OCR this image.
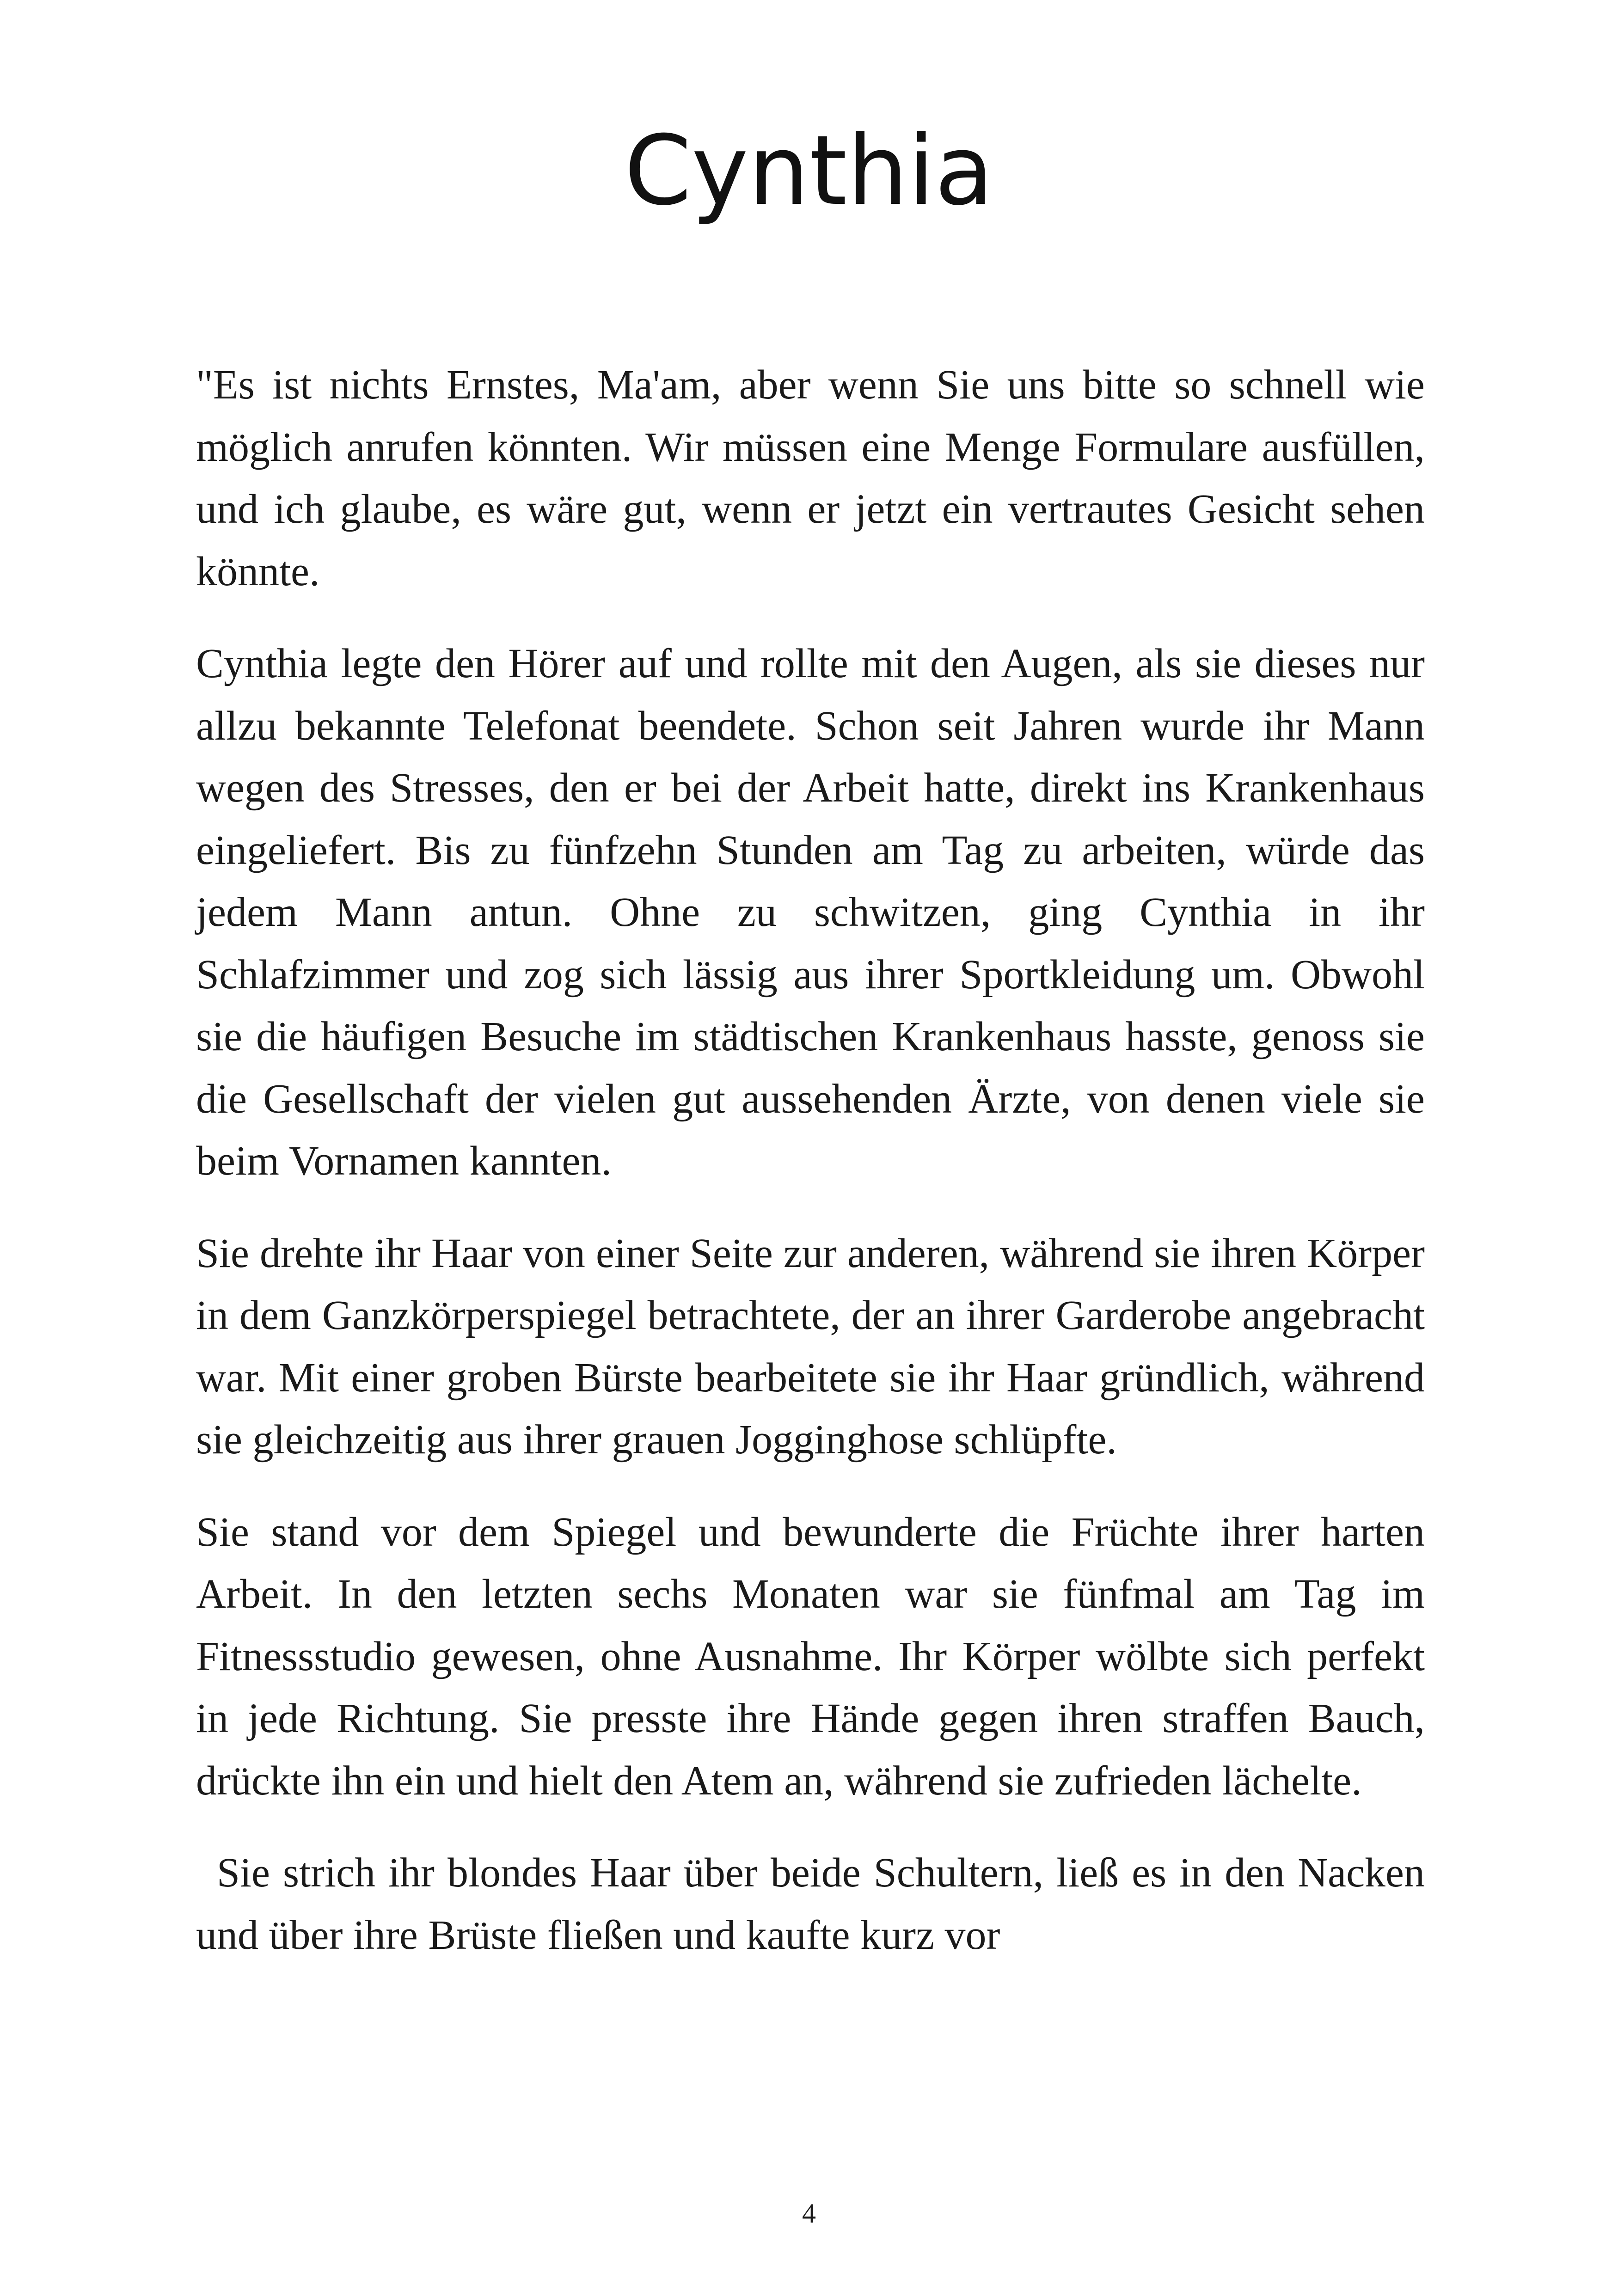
Cynthia

"Es ist nichts Ernstes, Ma'am, aber wenn Sie uns bitte so schnell wie möglich anrufen könnten. Wir müssen eine Menge Formulare ausfüllen, und ich glaube, es wäre gut, wenn er jetzt ein vertrautes Gesicht sehen könnte.

Cynthia legte den Hörer auf und rollte mit den Augen, als sie dieses nur allzu bekannte Telefonat beendete. Schon seit Jahren wurde ihr Mann wegen des Stresses, den er bei der Arbeit hatte, direkt ins Krankenhaus eingeliefert. Bis zu fünfzehn Stunden am Tag zu arbeiten, würde das jedem Mann antun. Ohne zu schwitzen, ging Cynthia in ihr Schlafzimmer und zog sich lässig aus ihrer Sportkleidung um. Obwohl sie die häufigen Besuche im städtischen Krankenhaus hasste, genoss sie die Gesellschaft der vielen gut aussehenden Ärzte, von denen viele sie beim Vornamen kannten.

Sie drehte ihr Haar von einer Seite zur anderen, während sie ihren Körper in dem Ganzkörperspiegel betrachtete, der an ihrer Garderobe angebracht war. Mit einer groben Bürste bearbeitete sie ihr Haar gründlich, während sie gleichzeitig aus ihrer grauen Jogginghose schlüpfte.

Sie stand vor dem Spiegel und bewunderte die Früchte ihrer harten Arbeit. In den letzten sechs Monaten war sie fünfmal am Tag im Fitnessstudio gewesen, ohne Ausnahme. Ihr Körper wölbte sich perfekt in jede Richtung. Sie presste ihre Hände gegen ihren straffen Bauch, drückte ihn ein und hielt den Atem an, während sie zufrieden lächelte.

Sie strich ihr blondes Haar über beide Schultern, ließ es in den Nacken und über ihre Brüste fließen und kaufte kurz vor

4
